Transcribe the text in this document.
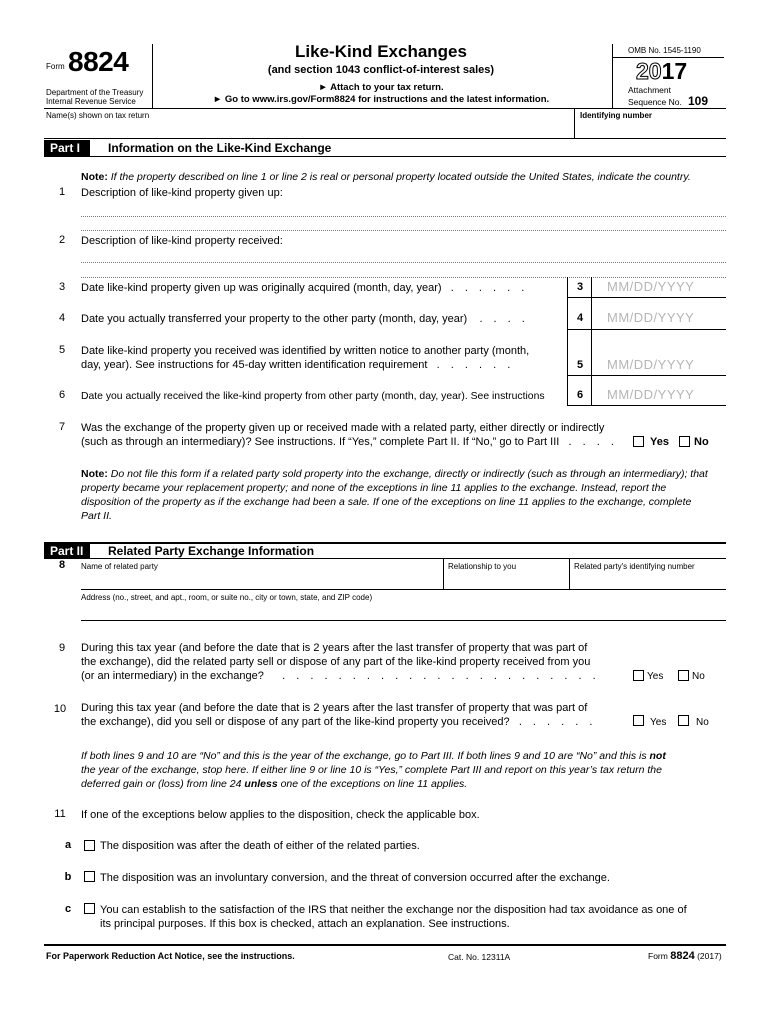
Form 8824
Department of the Treasury
Internal Revenue Service
Like-Kind Exchanges
(and section 1043 conflict-of-interest sales)
► Attach to your tax return.
► Go to www.irs.gov/Form8824 for instructions and the latest information.
OMB No. 1545-1190
2017
Attachment
Sequence No. 109
Name(s) shown on tax return	Identifying number
Part I	Information on the Like-Kind Exchange
Note: If the property described on line 1 or line 2 is real or personal property located outside the United States, indicate the country.
1	Description of like-kind property given up:
2	Description of like-kind property received:
3	Date like-kind property given up was originally acquired (month, day, year) . . . . . .	3	MM/DD/YYYY
4	Date you actually transferred your property to the other party (month, day, year) . . . .	4	MM/DD/YYYY
5	Date like-kind property you received was identified by written notice to another party (month,
day, year). See instructions for 45-day written identification requirement . . . . . .	5	MM/DD/YYYY
6	Date you actually received the like-kind property from other party (month, day, year). See instructions	6	MM/DD/YYYY
7	Was the exchange of the property given up or received made with a related party, either directly or indirectly
(such as through an intermediary)? See instructions. If “Yes,” complete Part II. If “No,” go to Part III . . . .	Yes No
Note: Do not file this form if a related party sold property into the exchange, directly or indirectly (such as through an intermediary); that
property became your replacement property; and none of the exceptions in line 11 applies to the exchange. Instead, report the
disposition of the property as if the exchange had been a sale. If one of the exceptions on line 11 applies to the exchange, complete
Part II.
Part II	Related Party Exchange Information
8	Name of related party	Relationship to you	Related party's identifying number
Address (no., street, and apt., room, or suite no., city or town, state, and ZIP code)
9	During this tax year (and before the date that is 2 years after the last transfer of property that was part of
the exchange), did the related party sell or dispose of any part of the like-kind property received from you
(or an intermediary) in the exchange? . . . . . . . . . . . . . . . . . . . . . . .	Yes	No
10	During this tax year (and before the date that is 2 years after the last transfer of property that was part of
the exchange), did you sell or dispose of any part of the like-kind property you received? . . . . . .	Yes	No
If both lines 9 and 10 are “No” and this is the year of the exchange, go to Part III. If both lines 9 and 10 are “No” and this is not
the year of the exchange, stop here. If either line 9 or line 10 is “Yes,” complete Part III and report on this year’s tax return the
deferred gain or (loss) from line 24 unless one of the exceptions on line 11 applies.
11	If one of the exceptions below applies to the disposition, check the applicable box.
a	The disposition was after the death of either of the related parties.
b	The disposition was an involuntary conversion, and the threat of conversion occurred after the exchange.
c	You can establish to the satisfaction of the IRS that neither the exchange nor the disposition had tax avoidance as one of
its principal purposes. If this box is checked, attach an explanation. See instructions.
For Paperwork Reduction Act Notice, see the instructions.	Cat. No. 12311A	Form 8824 (2017)
